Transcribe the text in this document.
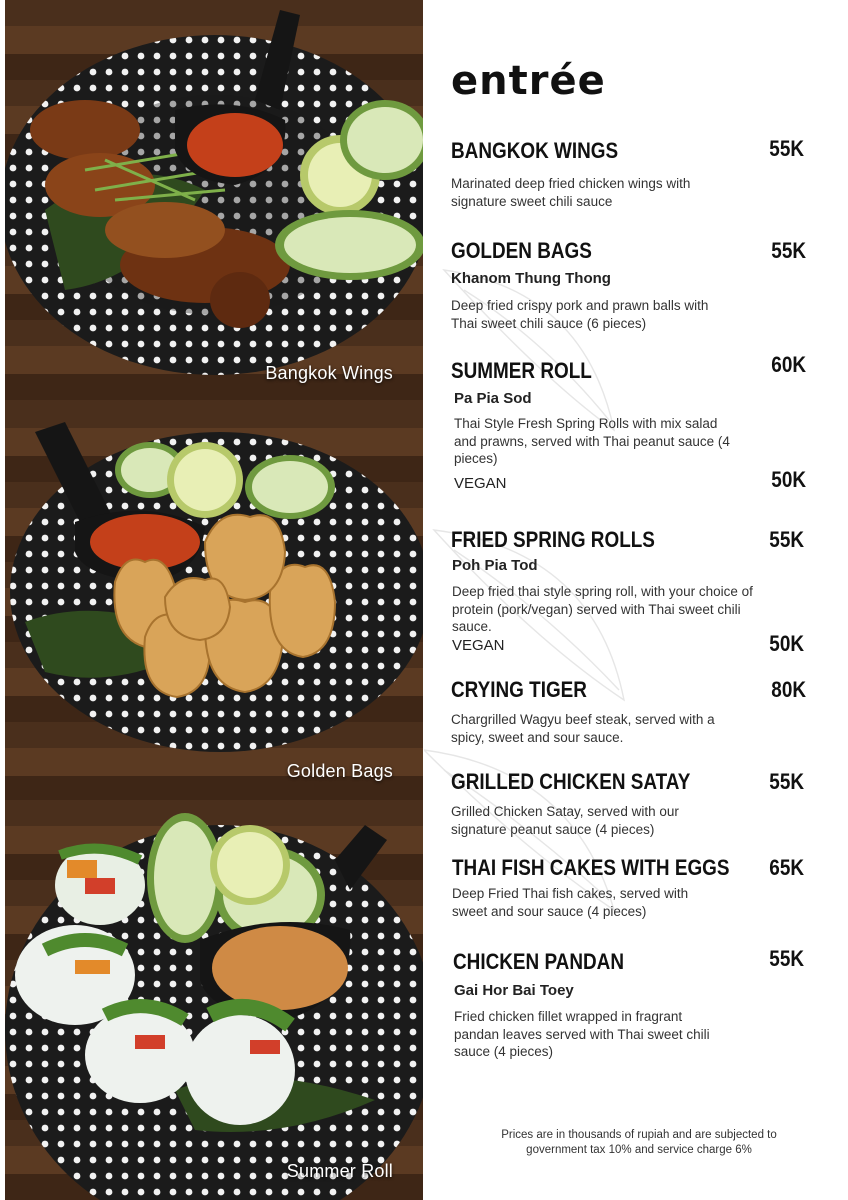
Bangkok Wings
Golden Bags
Summer Roll
entrée
BANGKOK WINGS	55K
Marinated deep fried chicken wings with signature sweet chili sauce
GOLDEN BAGS	55K
Khanom Thung Thong
Deep fried crispy pork and prawn balls with Thai sweet chili sauce (6 pieces)
SUMMER ROLL	60K
Pa Pia Sod
Thai Style Fresh Spring Rolls with mix salad and prawns, served with Thai peanut sauce (4 pieces)
VEGAN	50K
FRIED SPRING ROLLS	55K
Poh Pia Tod
Deep fried thai style spring roll, with your choice of protein (pork/vegan) served with Thai sweet chili sauce.
VEGAN	50K
CRYING TIGER	80K
Chargrilled Wagyu beef steak, served with a spicy, sweet and sour sauce.
GRILLED CHICKEN SATAY	55K
Grilled Chicken Satay, served with our signature peanut sauce (4 pieces)
THAI FISH CAKES WITH EGGS	65K
Deep Fried Thai fish cakes, served with sweet and sour sauce (4 pieces)
CHICKEN PANDAN	55K
Gai Hor Bai Toey
Fried chicken fillet wrapped in fragrant pandan leaves served with Thai sweet chili sauce (4 pieces)
Prices are in thousands of rupiah and are subjected to government tax 10% and service charge 6%
